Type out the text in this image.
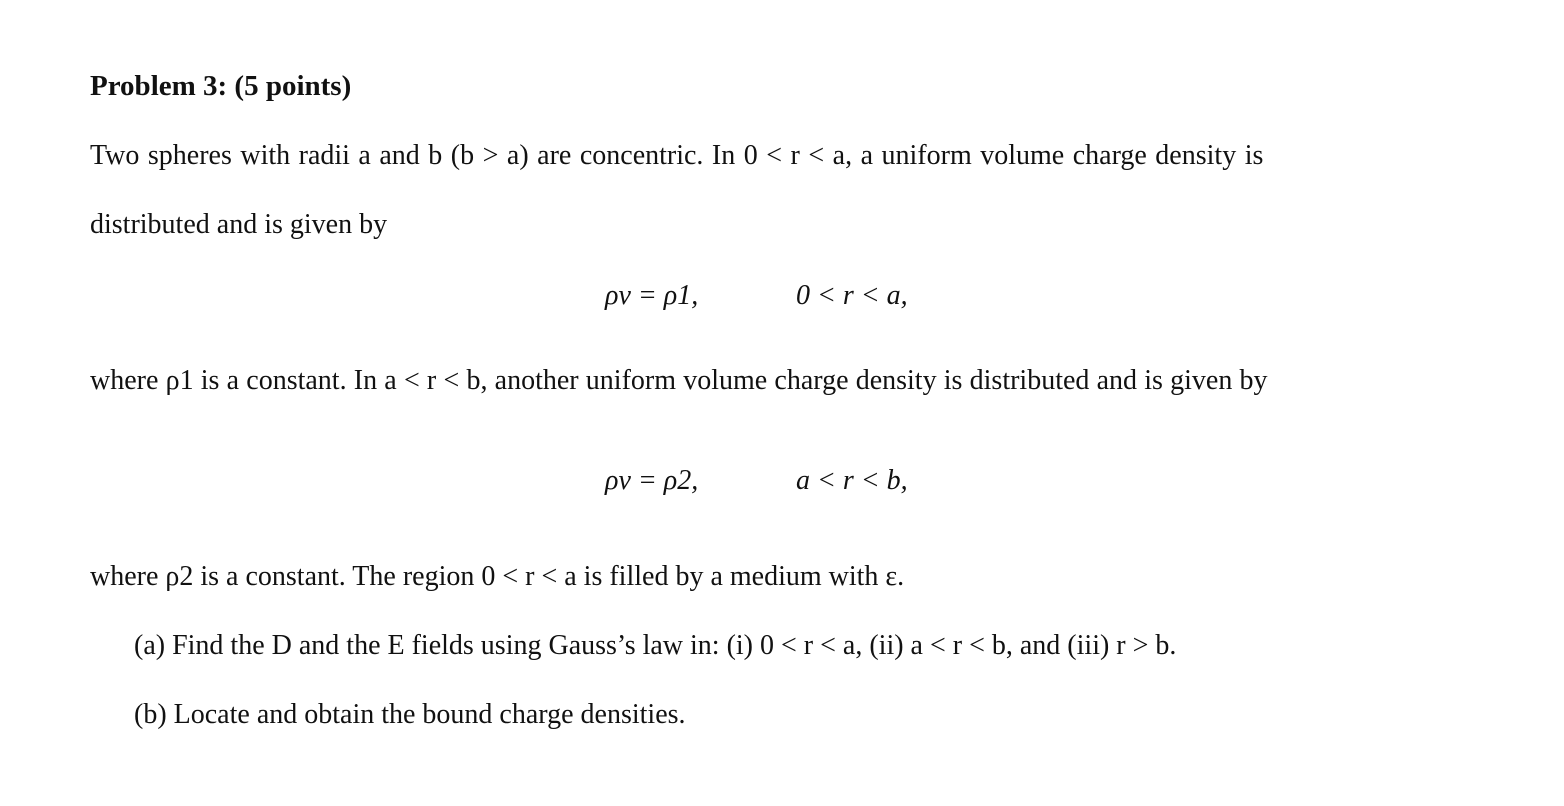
Problem 3: (5 points)
Two spheres with radii a and b (b > a) are concentric. In 0 < r < a, a uniform volume charge density is
distributed and is given by
ρv = ρ1,	0 < r < a,
where ρ1 is a constant. In a < r < b, another uniform volume charge density is distributed and is given by
ρv = ρ2,	a < r < b,
where ρ2 is a constant. The region 0 < r < a is filled by a medium with ε.
(a) Find the D and the E fields using Gauss’s law in: (i) 0 < r < a, (ii) a < r < b, and (iii) r > b.
(b) Locate and obtain the bound charge densities.
